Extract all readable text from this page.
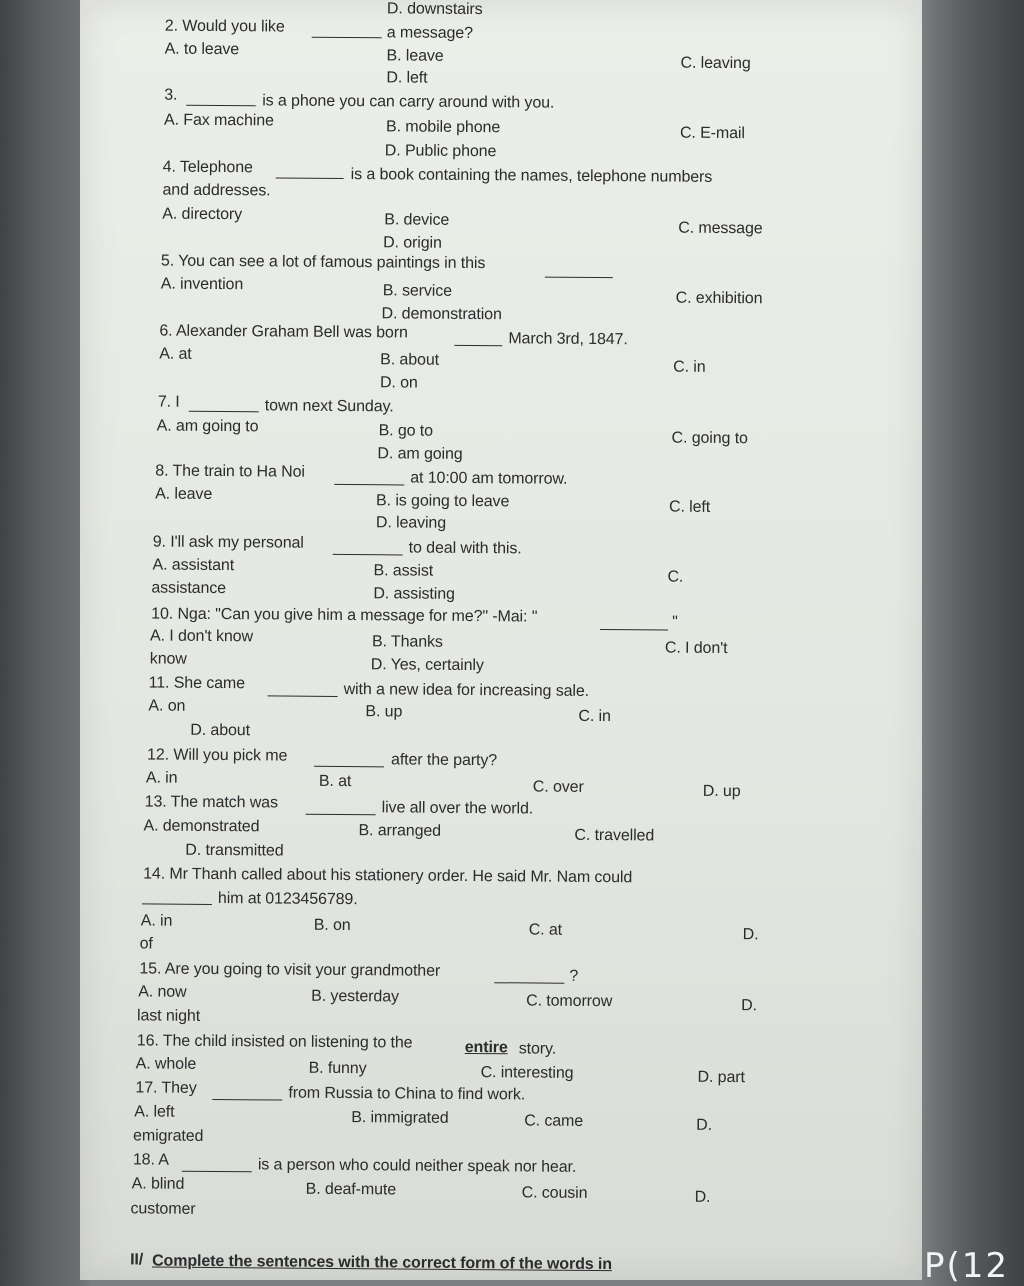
D. downstairs
2. Would you like	a message?
A. to leave	B. leave	C. leaving
D. left
3.	is a phone you can carry around with you.
A. Fax machine	B. mobile phone	C. E-mail
D. Public phone
4. Telephone	is a book containing the names, telephone numbers
and addresses.
A. directory	B. device	C. message
D. origin
5. You can see a lot of famous paintings in this
A. invention	B. service	C. exhibition
D. demonstration
6. Alexander Graham Bell was born	March 3rd, 1847.
A. at	B. about	C. in
D. on
7. I	town next Sunday.
A. am going to	B. go to	C. going to
D. am going
8. The train to Ha Noi	at 10:00 am tomorrow.
A. leave	B. is going to leave	C. left
D. leaving
9. I'll ask my personal	to deal with this.
A. assistant	B. assist	C.
assistance	D. assisting
10. Nga: "Can you give him a message for me?" -Mai: "	"
A. I don't know	B. Thanks	C. I don't
know	D. Yes, certainly
11. She came	with a new idea for increasing sale.
A. on	B. up	C. in
D. about
12. Will you pick me	after the party?
A. in	B. at	C. over	D. up
13. The match was	live all over the world.
A. demonstrated	B. arranged	C. travelled
D. transmitted
14. Mr Thanh called about his stationery order. He said Mr. Nam could
him at 0123456789.
A. in	B. on	C. at	D.
of
15. Are you going to visit your grandmother	?
A. now	B. yesterday	C. tomorrow	D.
last night
16. The child insisted on listening to the	entire story.
A. whole	B. funny	C. interesting	D. part
17. They	from Russia to China to find work.
A. left	B. immigrated	C. came	D.
emigrated
18. A	is a person who could neither speak nor hear.
A. blind	B. deaf-mute	C. cousin	D.
customer
II/ Complete the sentences with the correct form of the words in	P(12
